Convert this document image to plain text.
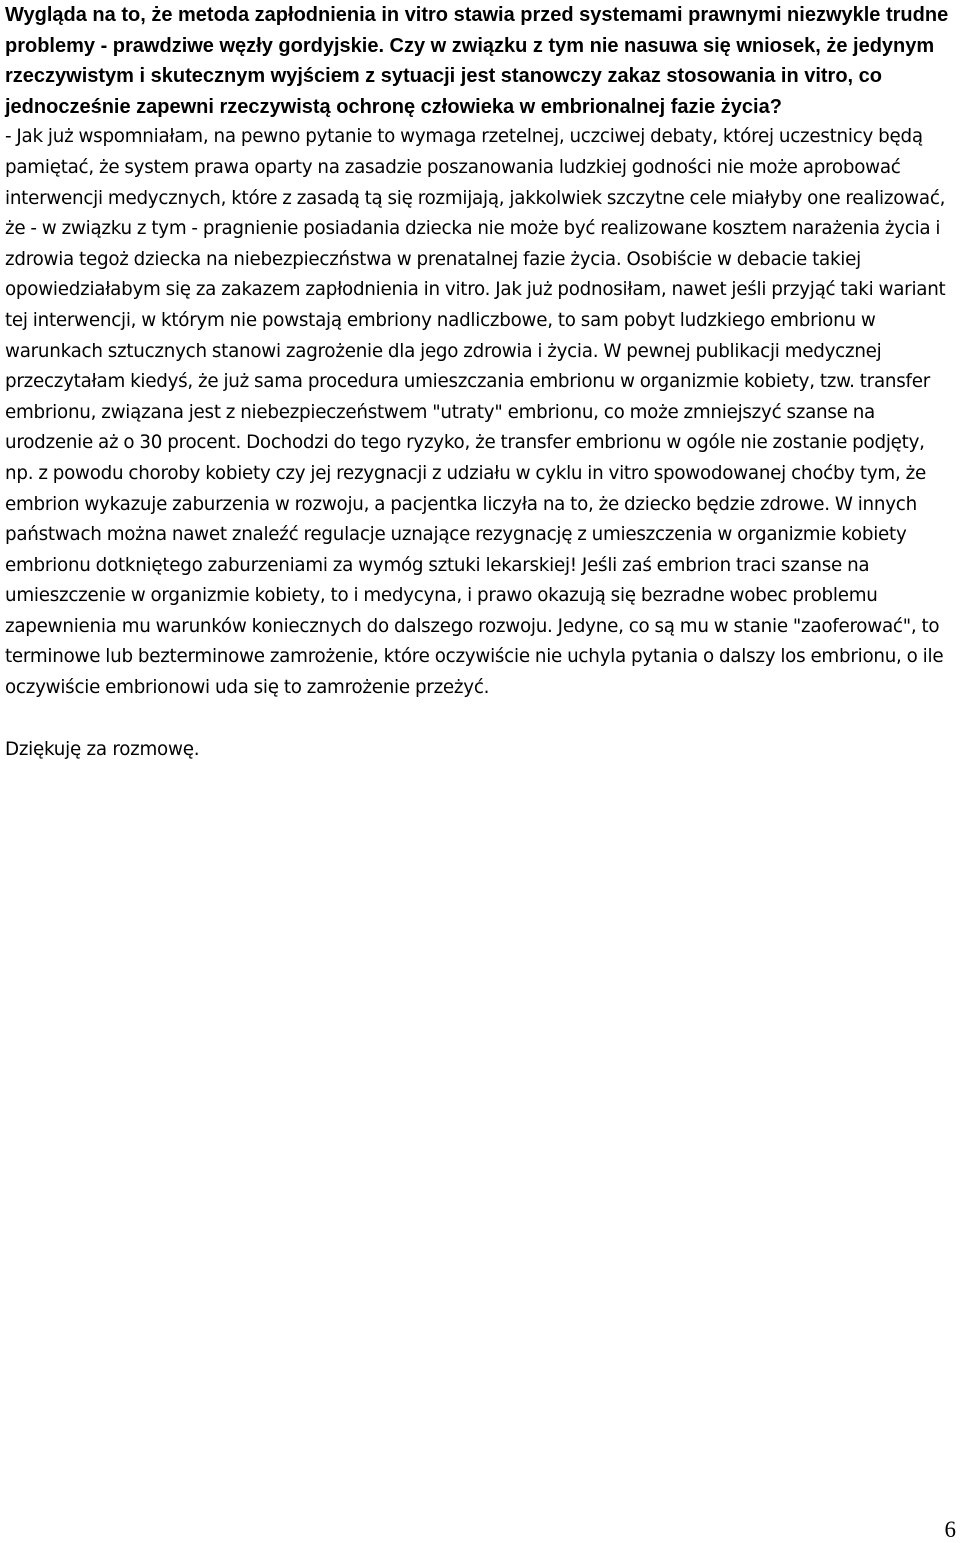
Wygląda na to, że metoda zapłodnienia in vitro stawia przed systemami prawnymi niezwykle trudne problemy - prawdziwe węzły gordyjskie. Czy w związku z tym nie nasuwa się wniosek, że jedynym rzeczywistym i skutecznym wyjściem z sytuacji jest stanowczy zakaz stosowania in vitro, co jednocześnie zapewni rzeczywistą ochronę człowieka w embrionalnej fazie życia?

- Jak już wspomniałam, na pewno pytanie to wymaga rzetelnej, uczciwej debaty, której uczestnicy będą pamiętać, że system prawa oparty na zasadzie poszanowania ludzkiej godności nie może aprobować interwencji medycznych, które z zasadą tą się rozmijają, jakkolwiek szczytne cele miałyby one realizować, że - w związku z tym - pragnienie posiadania dziecka nie może być realizowane kosztem narażenia życia i zdrowia tegoż dziecka na niebezpieczństwa w prenatalnej fazie życia. Osobiście w debacie takiej opowiedziałabym się za zakazem zapłodnienia in vitro. Jak już podnosiłam, nawet jeśli przyjąć taki wariant tej interwencji, w którym nie powstają embriony nadliczbowe, to sam pobyt ludzkiego embrionu w warunkach sztucznych stanowi zagrożenie dla jego zdrowia i życia. W pewnej publikacji medycznej przeczytałam kiedyś, że już sama procedura umieszczania embrionu w organizmie kobiety, tzw. transfer embrionu, związana jest z niebezpieczeństwem "utraty" embrionu, co może zmniejszyć szanse na urodzenie aż o 30 procent. Dochodzi do tego ryzyko, że transfer embrionu w ogóle nie zostanie podjęty, np. z powodu choroby kobiety czy jej rezygnacji z udziału w cyklu in vitro spowodowanej choćby tym, że embrion wykazuje zaburzenia w rozwoju, a pacjentka liczyła na to, że dziecko będzie zdrowe. W innych państwach można nawet znaleźć regulacje uznające rezygnację z umieszczenia w organizmie kobiety embrionu dotkniętego zaburzeniami za wymóg sztuki lekarskiej! Jeśli zaś embrion traci szanse na umieszczenie w organizmie kobiety, to i medycyna, i prawo okazują się bezradne wobec problemu zapewnienia mu warunków koniecznych do dalszego rozwoju. Jedyne, co są mu w stanie "zaoferować", to terminowe lub bezterminowe zamrożenie, które oczywiście nie uchyla pytania o dalszy los embrionu, o ile oczywiście embrionowi uda się to zamrożenie przeżyć.

Dziękuję za rozmowę.

6
